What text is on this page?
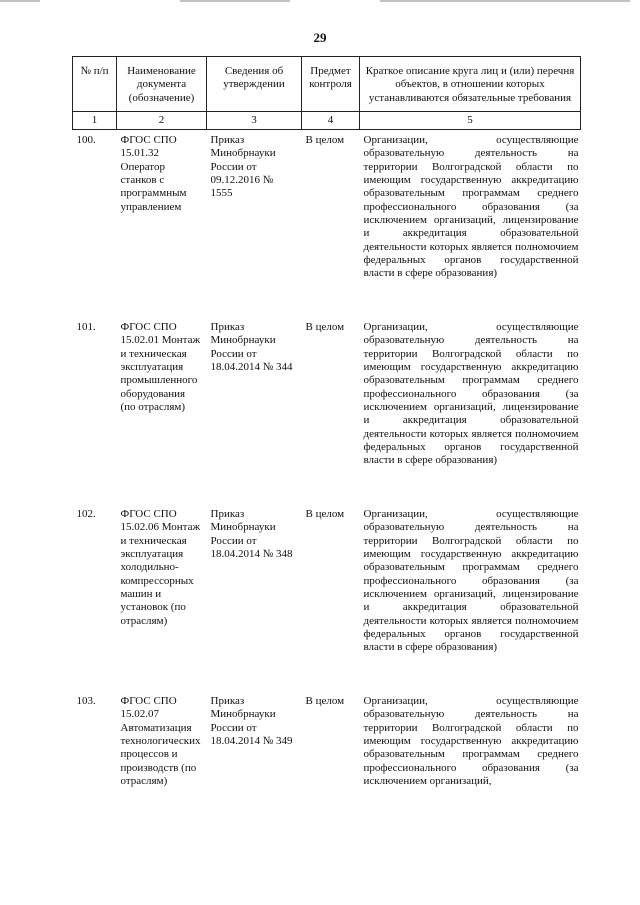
29
№ п/п	Наименование документа (обозначение)	Сведения об утверждении	Предмет контроля	Краткое описание круга лиц и (или) перечня объектов, в отношении которых устанавливаются обязательные требования
1	2	3	4	5
100.	ФГОС СПО 15.01.32 Оператор станков с программным управлением	Приказ Минобрнауки России от 09.12.2016 № 1555	В целом	Организации, осуществляющие образовательную деятельность на территории Волгоградской области по имеющим государственную аккредитацию образовательным программам среднего профессионального образования (за исключением организаций, лицензирование и аккредитация образовательной деятельности которых является полномочием федеральных органов государственной власти в сфере образования)
101.	ФГОС СПО 15.02.01 Монтаж и техническая эксплуатация промышленного оборудования (по отраслям)	Приказ Минобрнауки России от 18.04.2014 № 344	В целом	Организации, осуществляющие образовательную деятельность на территории Волгоградской области по имеющим государственную аккредитацию образовательным программам среднего профессионального образования (за исключением организаций, лицензирование и аккредитация образовательной деятельности которых является полномочием федеральных органов государственной власти в сфере образования)
102.	ФГОС СПО 15.02.06 Монтаж и техническая эксплуатация холодильно-компрессорных машин и установок (по отраслям)	Приказ Минобрнауки России от 18.04.2014 № 348	В целом	Организации, осуществляющие образовательную деятельность на территории Волгоградской области по имеющим государственную аккредитацию образовательным программам среднего профессионального образования (за исключением организаций, лицензирование и аккредитация образовательной деятельности которых является полномочием федеральных органов государственной власти в сфере образования)
103.	ФГОС СПО 15.02.07 Автоматизация технологических процессов и производств (по отраслям)	Приказ Минобрнауки России от 18.04.2014 № 349	В целом	Организации, осуществляющие образовательную деятельность на территории Волгоградской области по имеющим государственную аккредитацию образовательным программам среднего профессионального образования (за исключением организаций,
